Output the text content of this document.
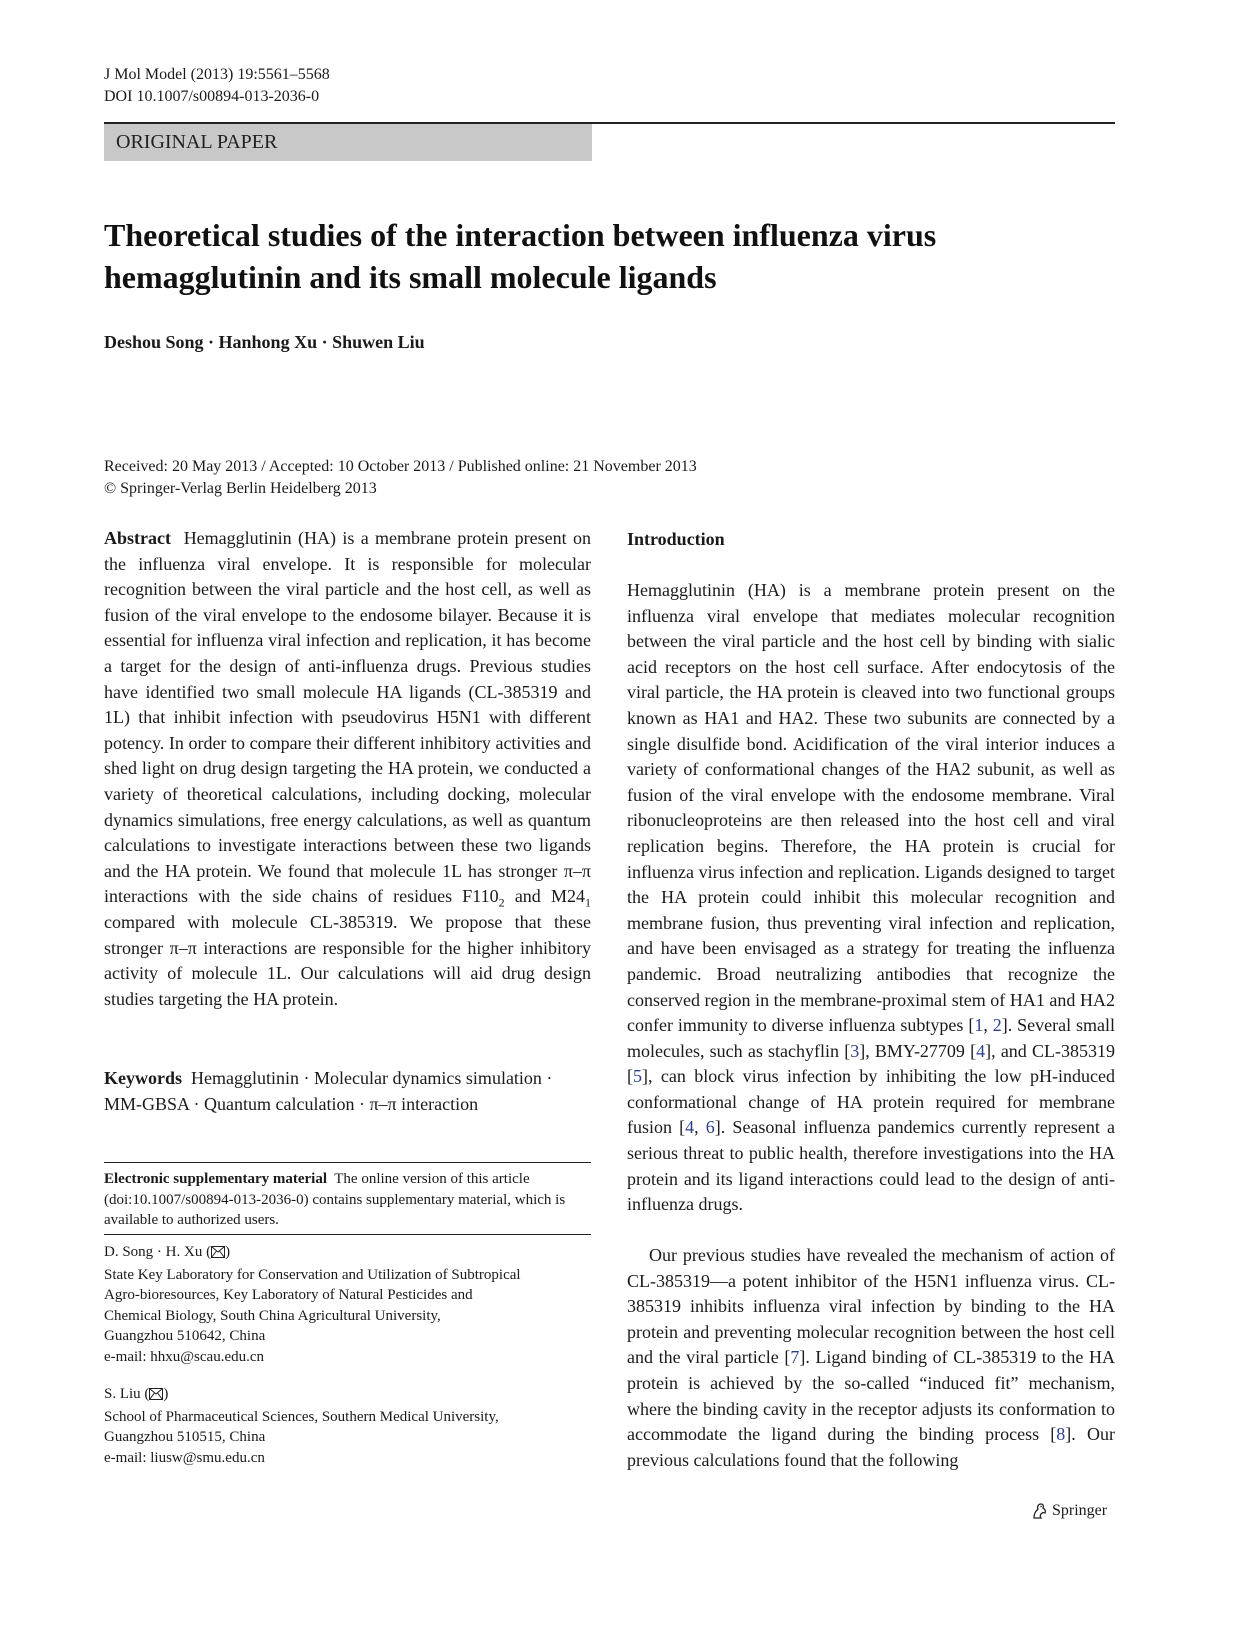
J Mol Model (2013) 19:5561–5568
DOI 10.1007/s00894-013-2036-0
ORIGINAL PAPER
Theoretical studies of the interaction between influenza virus hemagglutinin and its small molecule ligands
Deshou Song · Hanhong Xu · Shuwen Liu
Received: 20 May 2013 / Accepted: 10 October 2013 / Published online: 21 November 2013
© Springer-Verlag Berlin Heidelberg 2013
Abstract Hemagglutinin (HA) is a membrane protein present on the influenza viral envelope. It is responsible for molecular recognition between the viral particle and the host cell, as well as fusion of the viral envelope to the endosome bilayer. Because it is essential for influenza viral infection and replication, it has become a target for the design of anti-influenza drugs. Previous studies have identified two small molecule HA ligands (CL-385319 and 1L) that inhibit infection with pseudovirus H5N1 with different potency. In order to compare their different inhibitory activities and shed light on drug design targeting the HA protein, we conducted a variety of theoretical calculations, including docking, molecular dynamics simulations, free energy calculations, as well as quantum calculations to investigate interactions between these two ligands and the HA protein. We found that molecule 1L has stronger π–π interactions with the side chains of residues $F110_2$ and $M24_1$ compared with molecule CL-385319. We propose that these stronger π–π interactions are responsible for the higher inhibitory activity of molecule 1L. Our calculations will aid drug design studies targeting the HA protein.
Keywords Hemagglutinin · Molecular dynamics simulation · MM-GBSA · Quantum calculation · π–π interaction
Electronic supplementary material The online version of this article (doi:10.1007/s00894-013-2036-0) contains supplementary material, which is available to authorized users.
D. Song · H. Xu ( )
State Key Laboratory for Conservation and Utilization of Subtropical
Agro-bioresources, Key Laboratory of Natural Pesticides and
Chemical Biology, South China Agricultural University,
Guangzhou 510642, China
e-mail: hhxu@scau.edu.cn
S. Liu ( )
School of Pharmaceutical Sciences, Southern Medical University,
Guangzhou 510515, China
e-mail: liusw@smu.edu.cn
Introduction
Hemagglutinin (HA) is a membrane protein present on the influenza viral envelope that mediates molecular recognition between the viral particle and the host cell by binding with sialic acid receptors on the host cell surface. After endocytosis of the viral particle, the HA protein is cleaved into two functional groups known as HA1 and HA2. These two subunits are connected by a single disulfide bond. Acidification of the viral interior induces a variety of conformational changes of the HA2 subunit, as well as fusion of the viral envelope with the endosome membrane. Viral ribonucleoproteins are then released into the host cell and viral replication begins. Therefore, the HA protein is crucial for influenza virus infection and replication. Ligands designed to target the HA protein could inhibit this molecular recognition and membrane fusion, thus preventing viral infection and replication, and have been envisaged as a strategy for treating the influenza pandemic. Broad neutralizing antibodies that recognize the conserved region in the membrane-proximal stem of HA1 and HA2 confer immunity to diverse influenza subtypes [1, 2]. Several small molecules, such as stachyflin [3], BMY-27709 [4], and CL-385319 [5], can block virus infection by inhibiting the low pH-induced conformational change of HA protein required for membrane fusion [4, 6]. Seasonal influenza pandemics currently represent a serious threat to public health, therefore investigations into the HA protein and its ligand interactions could lead to the design of anti-influenza drugs.
Our previous studies have revealed the mechanism of action of CL-385319—a potent inhibitor of the H5N1 influenza virus. CL-385319 inhibits influenza viral infection by binding to the HA protein and preventing molecular recognition between the host cell and the viral particle [7]. Ligand binding of CL-385319 to the HA protein is achieved by the so-called “induced fit” mechanism, where the binding cavity in the receptor adjusts its conformation to accommodate the ligand during the binding process [8]. Our previous calculations found that the following
Springer
